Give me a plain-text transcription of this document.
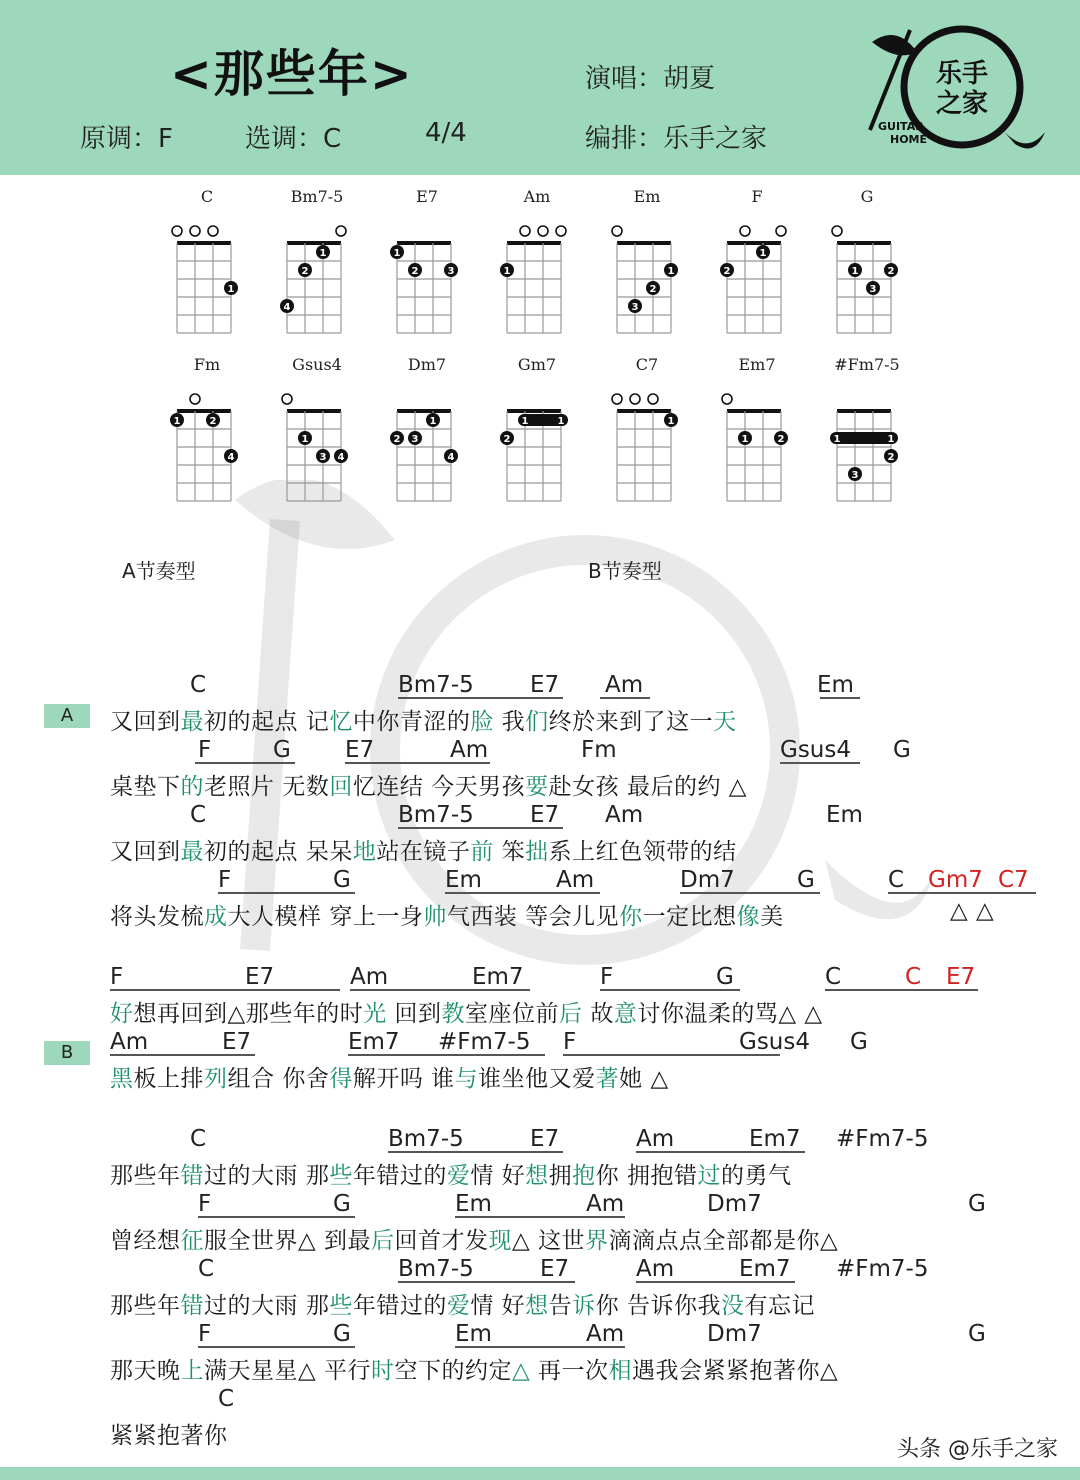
<那些年>	演唱：胡夏
原调：F	选调：C	4/4	编排：乐手之家
乐手
之家
GUITAR
HOME
C
1
Bm7-5
1
2
4
E7
1
2	3
Am
1
Em
1
2
3
F
1
2
G
1	2
3
Fm
1	2
4
Gsus4
1
3 4
Dm7
1
2 3
4
Gm7
1	1
2
C7
1
Em7
1	2
#Fm7-5
1	1
2
3
A节奏型
	B节奏型
A
B
C	Bm7-5 E7 Am	Em
又回到最初的起点 记忆中你青涩的脸 我们终於来到了这一天
F	G E7	Am	Fm	Gsus4 G
桌垫下的老照片 无数回忆连结 今天男孩要赴女孩 最后的约 △
C	Bm7-5 E7 Am	Em
又回到最初的起点 呆呆地站在镜子前 笨拙系上红色领带的结
F	G	Em	Am	Dm7	G	C Gm7 C7
将头发梳成大人模样 穿上一身帅气西装 等会儿见你一定比想像美
F	E7	Am	Em7	F	G	C	C E7
好想再回到△那些年的时光 回到教室座位前后 故意讨你温柔的骂△ △
Am	E7	Em7 #Fm7-5 F	Gsus4 G
黑板上排列组合 你舍得解开吗 谁与谁坐他又爱著她 △
C	Bm7-5	E7	Am	Em7 #Fm7-5
那些年错过的大雨 那些年错过的爱情 好想拥抱你 拥抱错过的勇气
F	G	Em	Am	Dm7	G
曾经想征服全世界△ 到最后回首才发现△ 这世界滴滴点点全部都是你△
C	Bm7-5	E7	Am	Em7 #Fm7-5
那些年错过的大雨 那些年错过的爱情 好想告诉你 告诉你我没有忘记
F	G	Em	Am	Dm7	G
那天晚上满天星星△ 平行时空下的约定△ 再一次相遇我会紧紧抱著你△
C
紧紧抱著你
△ △
头条 @乐手之家
